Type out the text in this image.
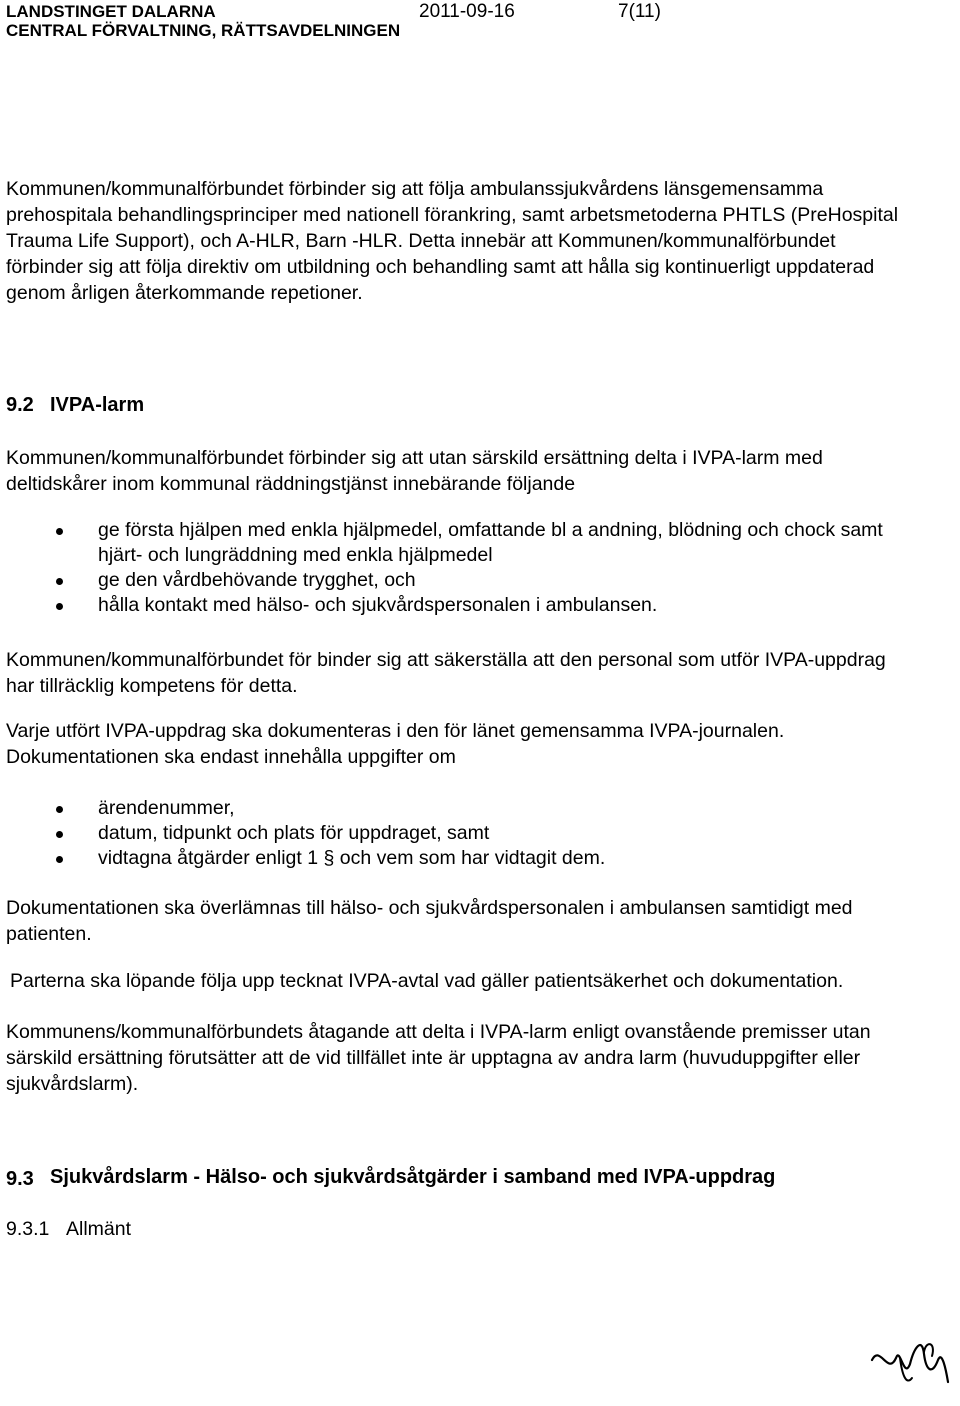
LANDSTINGET DALARNA
CENTRAL FÖRVALTNING, RÄTTSAVDELNINGEN
2011-09-16	7(11)
Kommunen/kommunalförbundet förbinder sig att följa ambulanssjukvårdens länsgemensamma prehospitala behandlingsprinciper med nationell förankring, samt arbetsmetoderna PHTLS (PreHospital Trauma Life Support), och A-HLR, Barn -HLR. Detta innebär att Kommunen/kommunalförbundet förbinder sig att följa direktiv om utbildning och behandling samt att hålla sig kontinuerligt uppdaterad genom årligen återkommande repetioner.
9.2 IVPA-larm
Kommunen/kommunalförbundet förbinder sig att utan särskild ersättning delta i IVPA-larm med deltidskårer inom kommunal räddningstjänst innebärande följande
ge första hjälpen med enkla hjälpmedel, omfattande bl a andning, blödning och chock samt hjärt- och lungräddning med enkla hjälpmedel
ge den vårdbehövande trygghet, och
hålla kontakt med hälso- och sjukvårdspersonalen i ambulansen.
Kommunen/kommunalförbundet för binder sig att säkerställa att den personal som utför IVPA-uppdrag har tillräcklig kompetens för detta.
Varje utfört IVPA-uppdrag ska dokumenteras i den för länet gemensamma IVPA-journalen. Dokumentationen ska endast innehålla uppgifter om
ärendenummer,
datum, tidpunkt och plats för uppdraget, samt
vidtagna åtgärder enligt 1 § och vem som har vidtagit dem.
Dokumentationen ska överlämnas till hälso- och sjukvårdspersonalen i ambulansen samtidigt med patienten.
Parterna ska löpande följa upp tecknat IVPA-avtal vad gäller patientsäkerhet och dokumentation.
Kommunens/kommunalförbundets åtagande att delta i IVPA-larm enligt ovanstående premisser utan särskild ersättning förutsätter att de vid tillfället inte är upptagna av andra larm (huvuduppgifter eller sjukvårdslarm).
9.3 Sjukvårdslarm - Hälso- och sjukvårdsåtgärder i samband med IVPA-uppdrag
9.3.1 Allmänt
